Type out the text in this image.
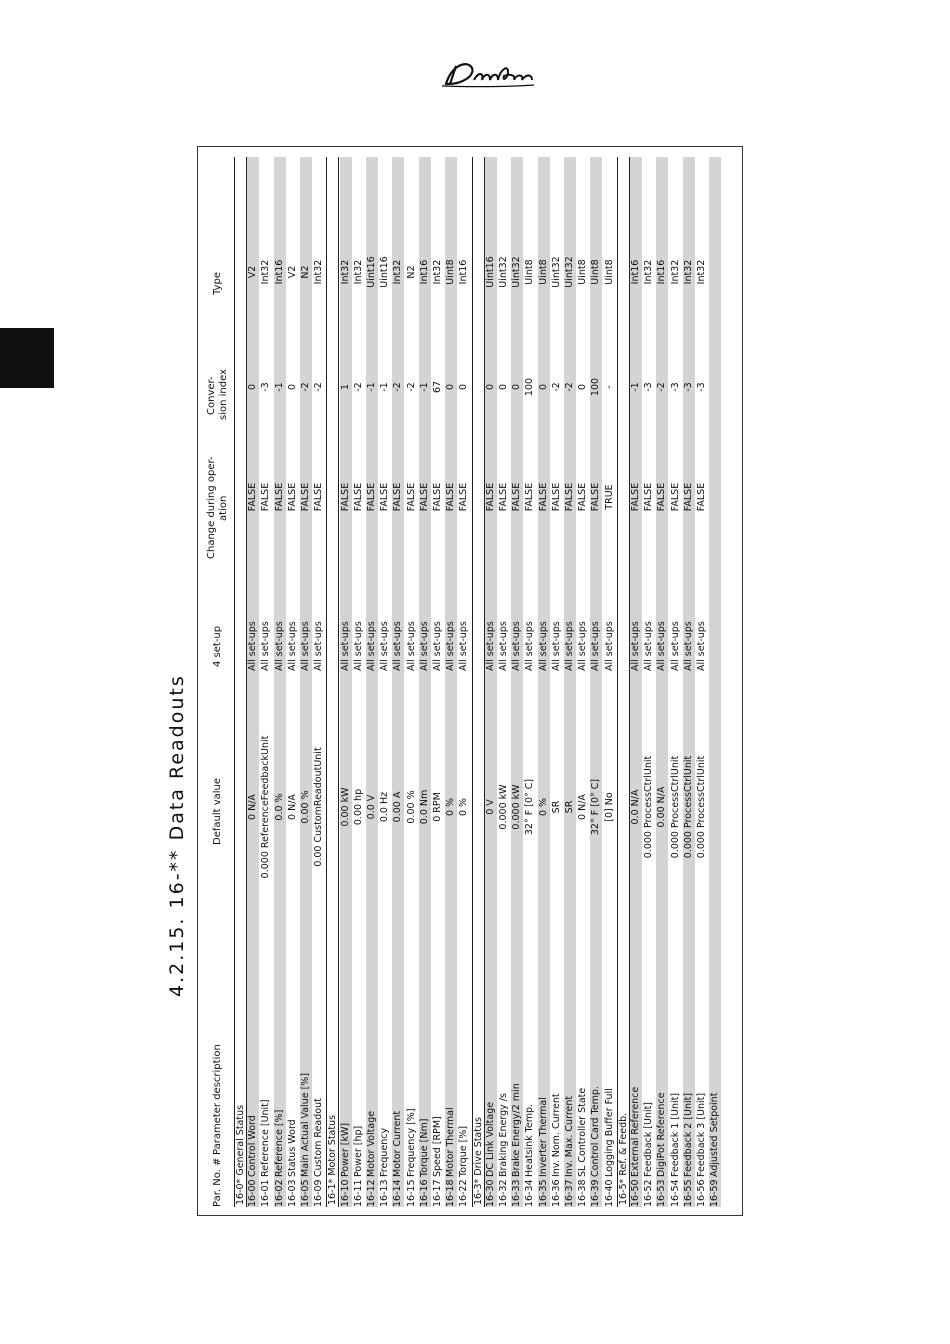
4.2.15. 16-** Data Readouts
Par. No. #
Parameter description
Default value
4 set-up
Change during oper- ation
Conver- sion index
Type
16-0* General Status 16-00
Control Word
0 N/A
All set-ups
FALSE
0
V2
16-01
Reference [Unit]
0.000 ReferenceFeedbackUnit
All set-ups
FALSE
-3
Int32
16-02
Reference [%]
0.0 %
All set-ups
FALSE
-1
Int16
16-03
Status Word
0 N/A
All set-ups
FALSE
0
V2
16-05
Main Actual Value [%]
0.00 %
All set-ups
FALSE
-2
N2
16-09
Custom Readout
0.00 CustomReadoutUnit
All set-ups
FALSE
-2
Int32
16-1* Motor Status 16-10
Power [kW]
0.00 kW
All set-ups
FALSE
1
Int32
16-11
Power [hp]
0.00 hp
All set-ups
FALSE
-2
Int32
16-12
Motor Voltage
0.0 V
All set-ups
FALSE
-1
Uint16
16-13
Frequency
0.0 Hz
All set-ups
FALSE
-1
Uint16
16-14
Motor Current
0.00 A
All set-ups
FALSE
-2
Int32
16-15
Frequency [%]
0.00 %
All set-ups
FALSE
-2
N2
16-16
Torque [Nm]
0.0 Nm
All set-ups
FALSE
-1
Int16
16-17
Speed [RPM]
0 RPM
All set-ups
FALSE
67
Int32
16-18
Motor Thermal
0 %
All set-ups
FALSE
0
Uint8
16-22
Torque [%]
0 %
All set-ups
FALSE
0
Int16
16-3* Drive Status 16-30
DC Link Voltage
0 V
All set-ups
FALSE
0
Uint16
16-32
Braking Energy /s
0.000 kW
All set-ups
FALSE
0
Uint32
16-33
Brake Energy/2 min
0.000 kW
All set-ups
FALSE
0
Uint32
16-34
Heatsink Temp.
32° F [0° C]
All set-ups
FALSE
100
Uint8
16-35
Inverter Thermal
0 %
All set-ups
FALSE
0
Uint8
16-36
Inv. Nom. Current
SR
All set-ups
FALSE
-2
Uint32
16-37
Inv. Max. Current
SR
All set-ups
FALSE
-2
Uint32
16-38
SL Controller State
0 N/A
All set-ups
FALSE
0
Uint8
16-39
Control Card Temp.
32° F [0° C]
All set-ups
FALSE
100
Uint8
16-40
Logging Buffer Full
[0] No
All set-ups
TRUE
-
Uint8
16-5* Ref. & Feedb. 16-50
External Reference
0.0 N/A
All set-ups
FALSE
-1
Int16
16-52
Feedback [Unit]
0.000 ProcessCtrlUnit
All set-ups
FALSE
-3
Int32
16-53
DigiPot Reference
0.00 N/A
All set-ups
FALSE
-2
Int16
16-54
Feedback 1 [Unit]
0.000 ProcessCtrlUnit
All set-ups
FALSE
-3
Int32
16-55
Feedback 2 [Unit]
0.000 ProcessCtrlUnit
All set-ups
FALSE
-3
Int32
16-56
Feedback 3 [Unit]
0.000 ProcessCtrlUnit
All set-ups
FALSE
-3
Int32
16-59
Adjusted Setpoint
